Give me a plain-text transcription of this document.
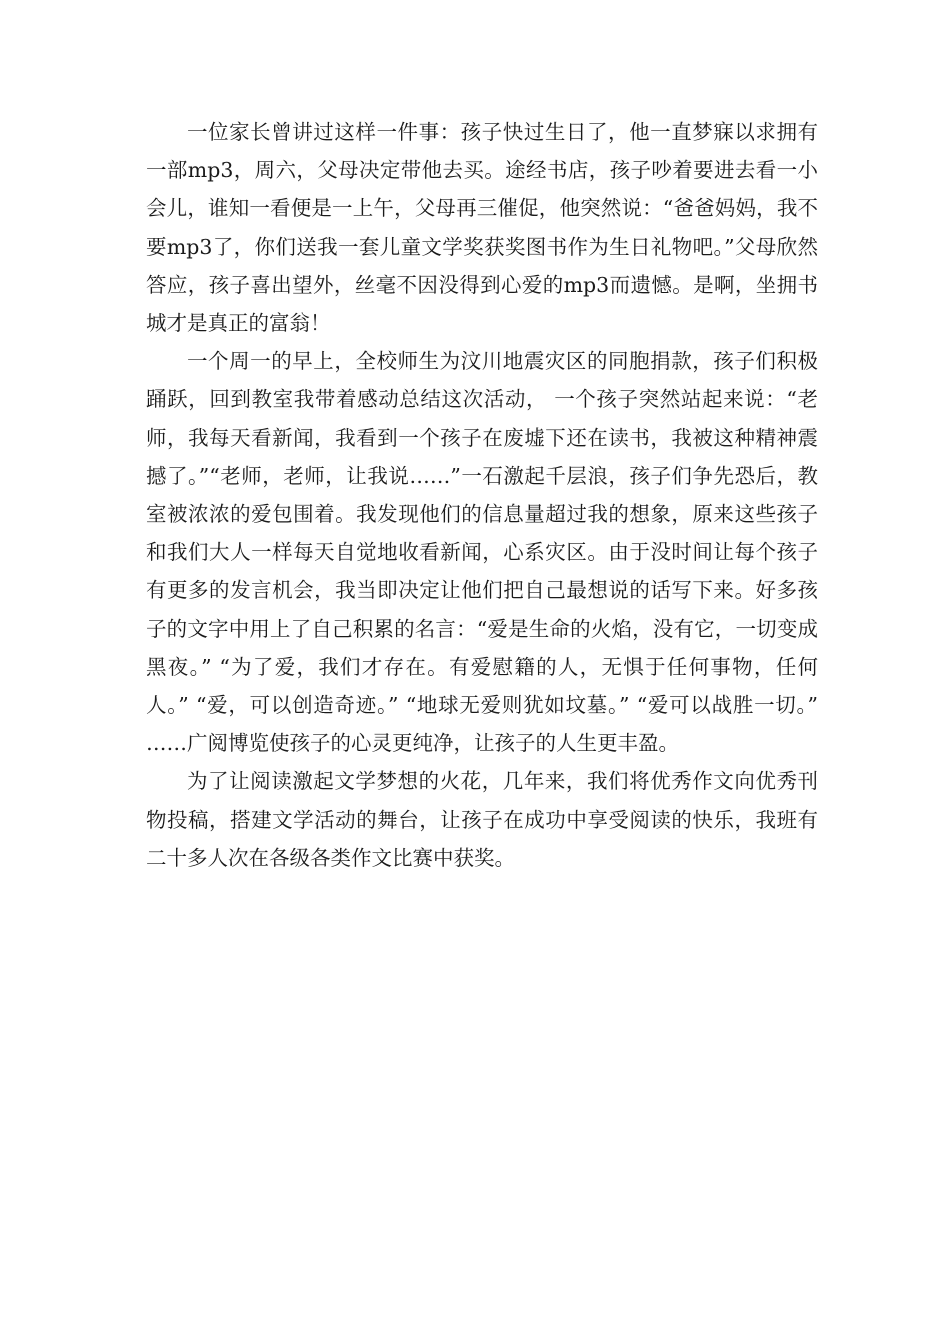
一位家长曾讲过这样一件事：孩子快过生日了，他一直梦寐以求拥有一部mp3，周六，父母决定带他去买。途经书店，孩子吵着要进去看一小会儿，谁知一看便是一上午，父母再三催促，他突然说：“爸爸妈妈，我不要mp3了，你们送我一套儿童文学奖获奖图书作为生日礼物吧。”父母欣然答应，孩子喜出望外，丝毫不因没得到心爱的mp3而遗憾。是啊，坐拥书城才是真正的富翁！

一个周一的早上，全校师生为汶川地震灾区的同胞捐款，孩子们积极踊跃，回到教室我带着感动总结这次活动， 一个孩子突然站起来说：“老师，我每天看新闻，我看到一个孩子在废墟下还在读书，我被这种精神震撼了。”“老师，老师，让我说……”一石激起千层浪，孩子们争先恐后，教室被浓浓的爱包围着。我发现他们的信息量超过我的想象，原来这些孩子和我们大人一样每天自觉地收看新闻，心系灾区。由于没时间让每个孩子有更多的发言机会，我当即决定让他们把自己最想说的话写下来。好多孩子的文字中用上了自己积累的名言：“爱是生命的火焰，没有它，一切变成黑夜。” “为了爱，我们才存在。有爱慰籍的人，无惧于任何事物，任何人。” “爱，可以创造奇迹。” “地球无爱则犹如坟墓。” “爱可以战胜一切。” ……广阅博览使孩子的心灵更纯净，让孩子的人生更丰盈。

为了让阅读激起文学梦想的火花，几年来，我们将优秀作文向优秀刊物投稿，搭建文学活动的舞台，让孩子在成功中享受阅读的快乐，我班有二十多人次在各级各类作文比赛中获奖。
